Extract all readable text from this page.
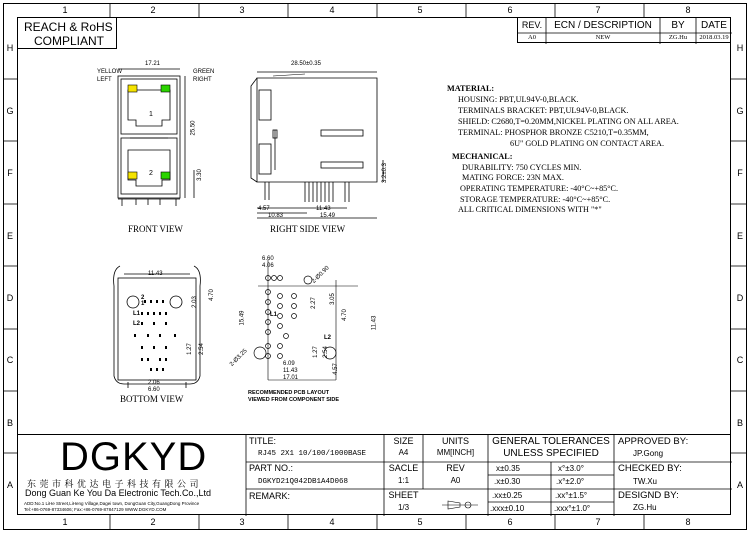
1	2	3	4	5	6	7	8
1	2	3	4	5	6	7	8
H
G
F
E
D
C
B
A
H
G
F
E
D
C
B
A
REACH & RoHS
COMPLIANT
REV.	ECN / DESCRIPTION	BY	DATE
A0	NEW	ZG.Hu	2018.03.19
MATERIAL:
HOUSING: PBT,UL94V-0,BLACK.
TERMINALS BRACKET: PBT,UL94V-0,BLACK.
SHIELD: C2680,T=0.20MM,NICKEL PLATING ON ALL AREA.
TERMINAL: PHOSPHOR BRONZE C5210,T=0.35MM,
6U" GOLD PLATING ON CONTACT AREA.
MECHANICAL:
DURABILITY: 750 CYCLES MIN.
MATING FORCE: 23N MAX.
OPERATING TEMPERATURE: -40°C~+85°C.
STORAGE TEMPERATURE: -40°C~+85°C.
ALL CRITICAL DIMENSIONS WITH "*"
YELLOW
LEFT
GREEN
RIGHT
17.21
25.50
3.30
1
2
FRONT VIEW
28.50±0.35
4.57
10.83
11.43
15.49
3.2±0.3
RIGHT SIDE VIEW
11.43
4.70
2.03
1.27 2.54
2.06
6.60
L1
L2
2
1
BOTTOM VIEW
6.60
4.06
15.49
2-Ø0.90
2.27 3.05
4.70
11.43
2-Ø3.25	6.09
11.43
17.01
1.27 2.54
4.57
L1
L2
RECOMMENDED PCB LAYOUT
VIEWED FROM COMPONENT SIDE
DGKYD
东 莞 市 科 优 达 电 子 科 技 有 限 公 司
Dong Guan Ke You Da Electronic Tech.Co.,Ltd
ADD:No.1 LiHe Street,LiHeng Village,Dagei town, DongGuan City,GuangDong Province
Tel:+86-0769-87334606; Fax:+86-0769-87847129 WWW.DGKYD.COM
TITLE:
RJ45 2X1 10/100/1000BASE
PART NO.:
DGKYD21Q042DB1A4D068
REMARK:
SIZE
A4
UNITS
MM[INCH]
SACLE
1:1
REV
A0
SHEET
1/3
GENERAL TOLERANCES
UNLESS SPECIFIED
x±0.35	x°±3.0°
.x±0.30	.x°±2.0°
.xx±0.25	.xx°±1.5°
.xxx±0.10	.xxx°±1.0°
APPROVED BY:
JP.Gong
CHECKED BY:
TW.Xu
DESIGND BY:
ZG.Hu
